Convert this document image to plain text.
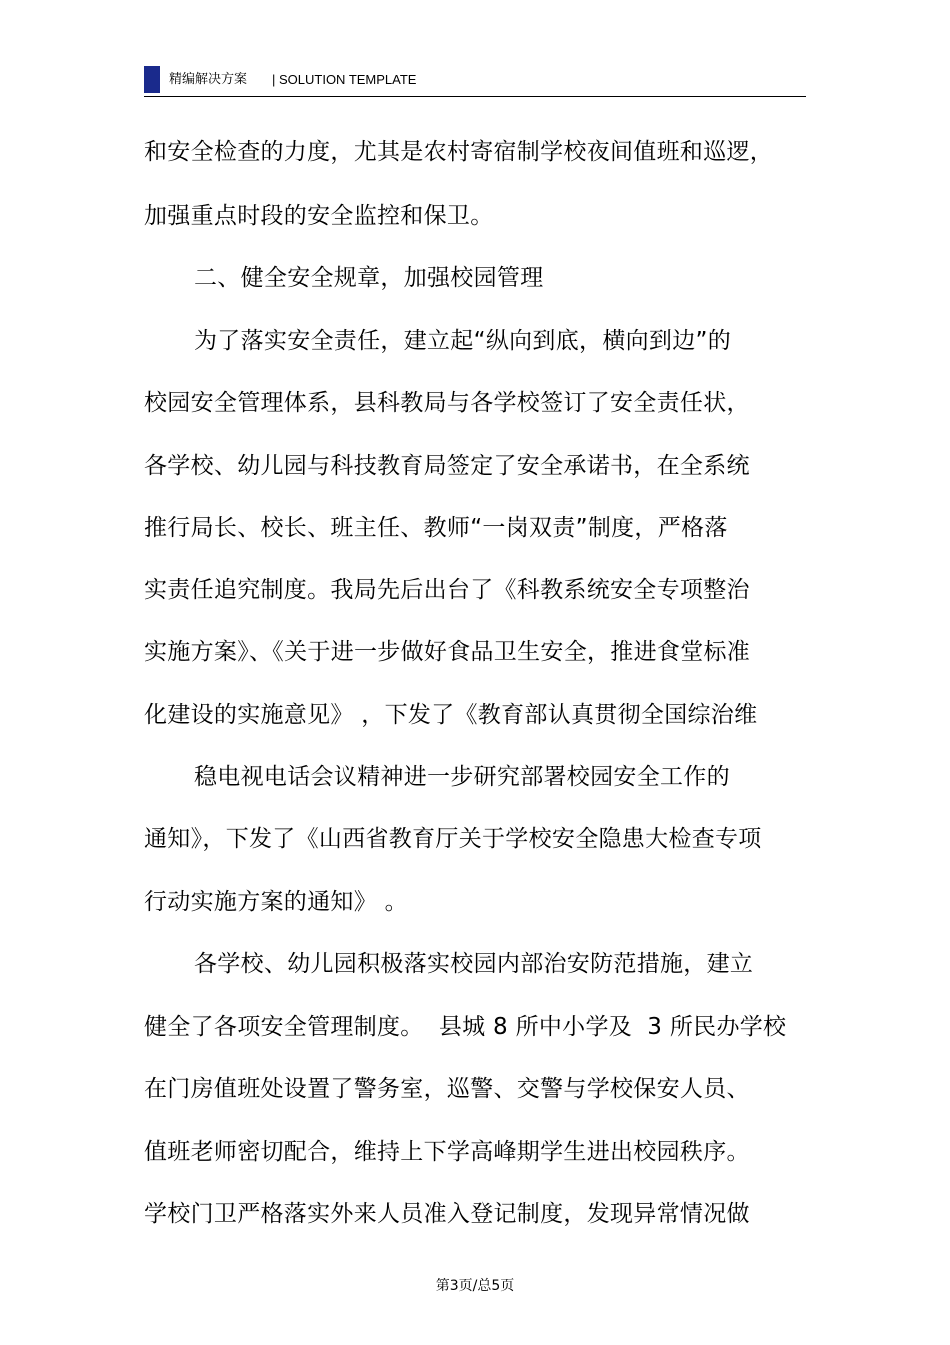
精编解决方案 | SOLUTION TEMPLATE
和安全检查的力度，尤其是农村寄宿制学校夜间值班和巡逻，
加强重点时段的安全监控和保卫。
二、健全安全规章，加强校园管理
为了落实安全责任，建立起“纵向到底，横向到边”的
校园安全管理体系，县科教局与各学校签订了安全责任状，
各学校、幼儿园与科技教育局签定了安全承诺书，在全系统
推行局长、校长、班主任、教师“一岗双责”制度，严格落
实责任追究制度。我局先后出台了《科教系统安全专项整治
实施方案》、《关于进一步做好食品卫生安全，推进食堂标准
化建设的实施意见》 ，下发了《教育部认真贯彻全国综治维
稳电视电话会议精神进一步研究部署校园安全工作的
通知》，下发了《山西省教育厅关于学校安全隐患大检查专项
行动实施方案的通知》 。
各学校、幼儿园积极落实校园内部治安防范措施，建立
健全了各项安全管理制度。  县城 8 所中小学及  3 所民办学校
在门房值班处设置了警务室，巡警、交警与学校保安人员、
值班老师密切配合，维持上下学高峰期学生进出校园秩序。
学校门卫严格落实外来人员准入登记制度，发现异常情况做
第3页/总5页
